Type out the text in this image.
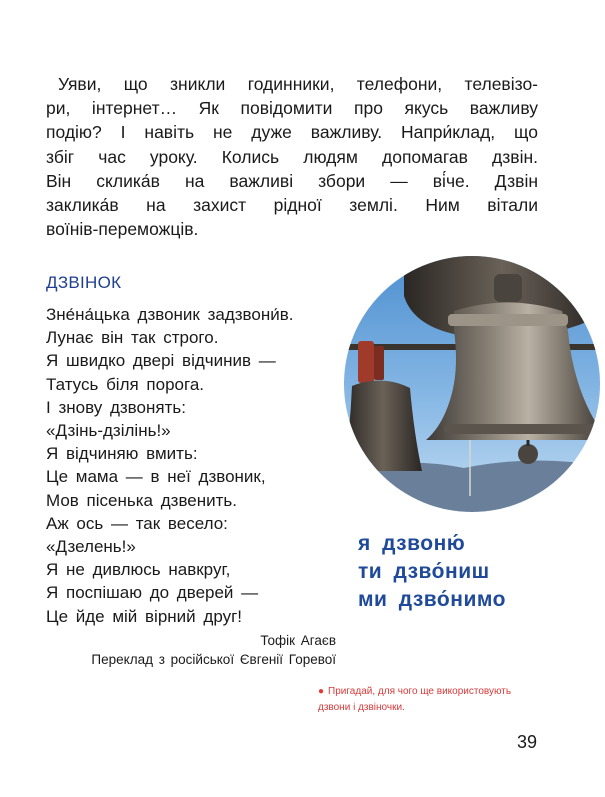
Уяви, що зникли годинники, телефони, телевізо-
ри, інтернет… Як повідомити про якусь важливу
подію? І навіть не дуже важливу. Напри́клад, що
збіг час уроку. Колись людям допомагав дзвін.
Він склика́в на важливі збори — ві́че. Дзвін
заклика́в на захист рідної землі. Ним вітали
воїнів-переможців.

ДЗВІНОК
Зне́на́цька дзвоник задзвони́в.
Лунає він так строго.
Я швидко двері відчинив —
Татусь біля порога.
І знову дзвонять:
«Дзінь-дзілінь!»
Я відчиняю вмить:
Це мама — в неї дзвоник,
Мов пісенька дзвенить.
Аж ось — так весело:
«Дзелень!»
Я не дивлюсь навкруг,
Я поспішаю до дверей —
Це йде мій вірний друг!
Тофік Агаєв
Переклад з російської Євгенії Горевої
я дзвоню́
ти дзво́ниш
ми дзво́нимо

● Пригадай, для чого ще використовують
дзвони і дзвіночки.

39
